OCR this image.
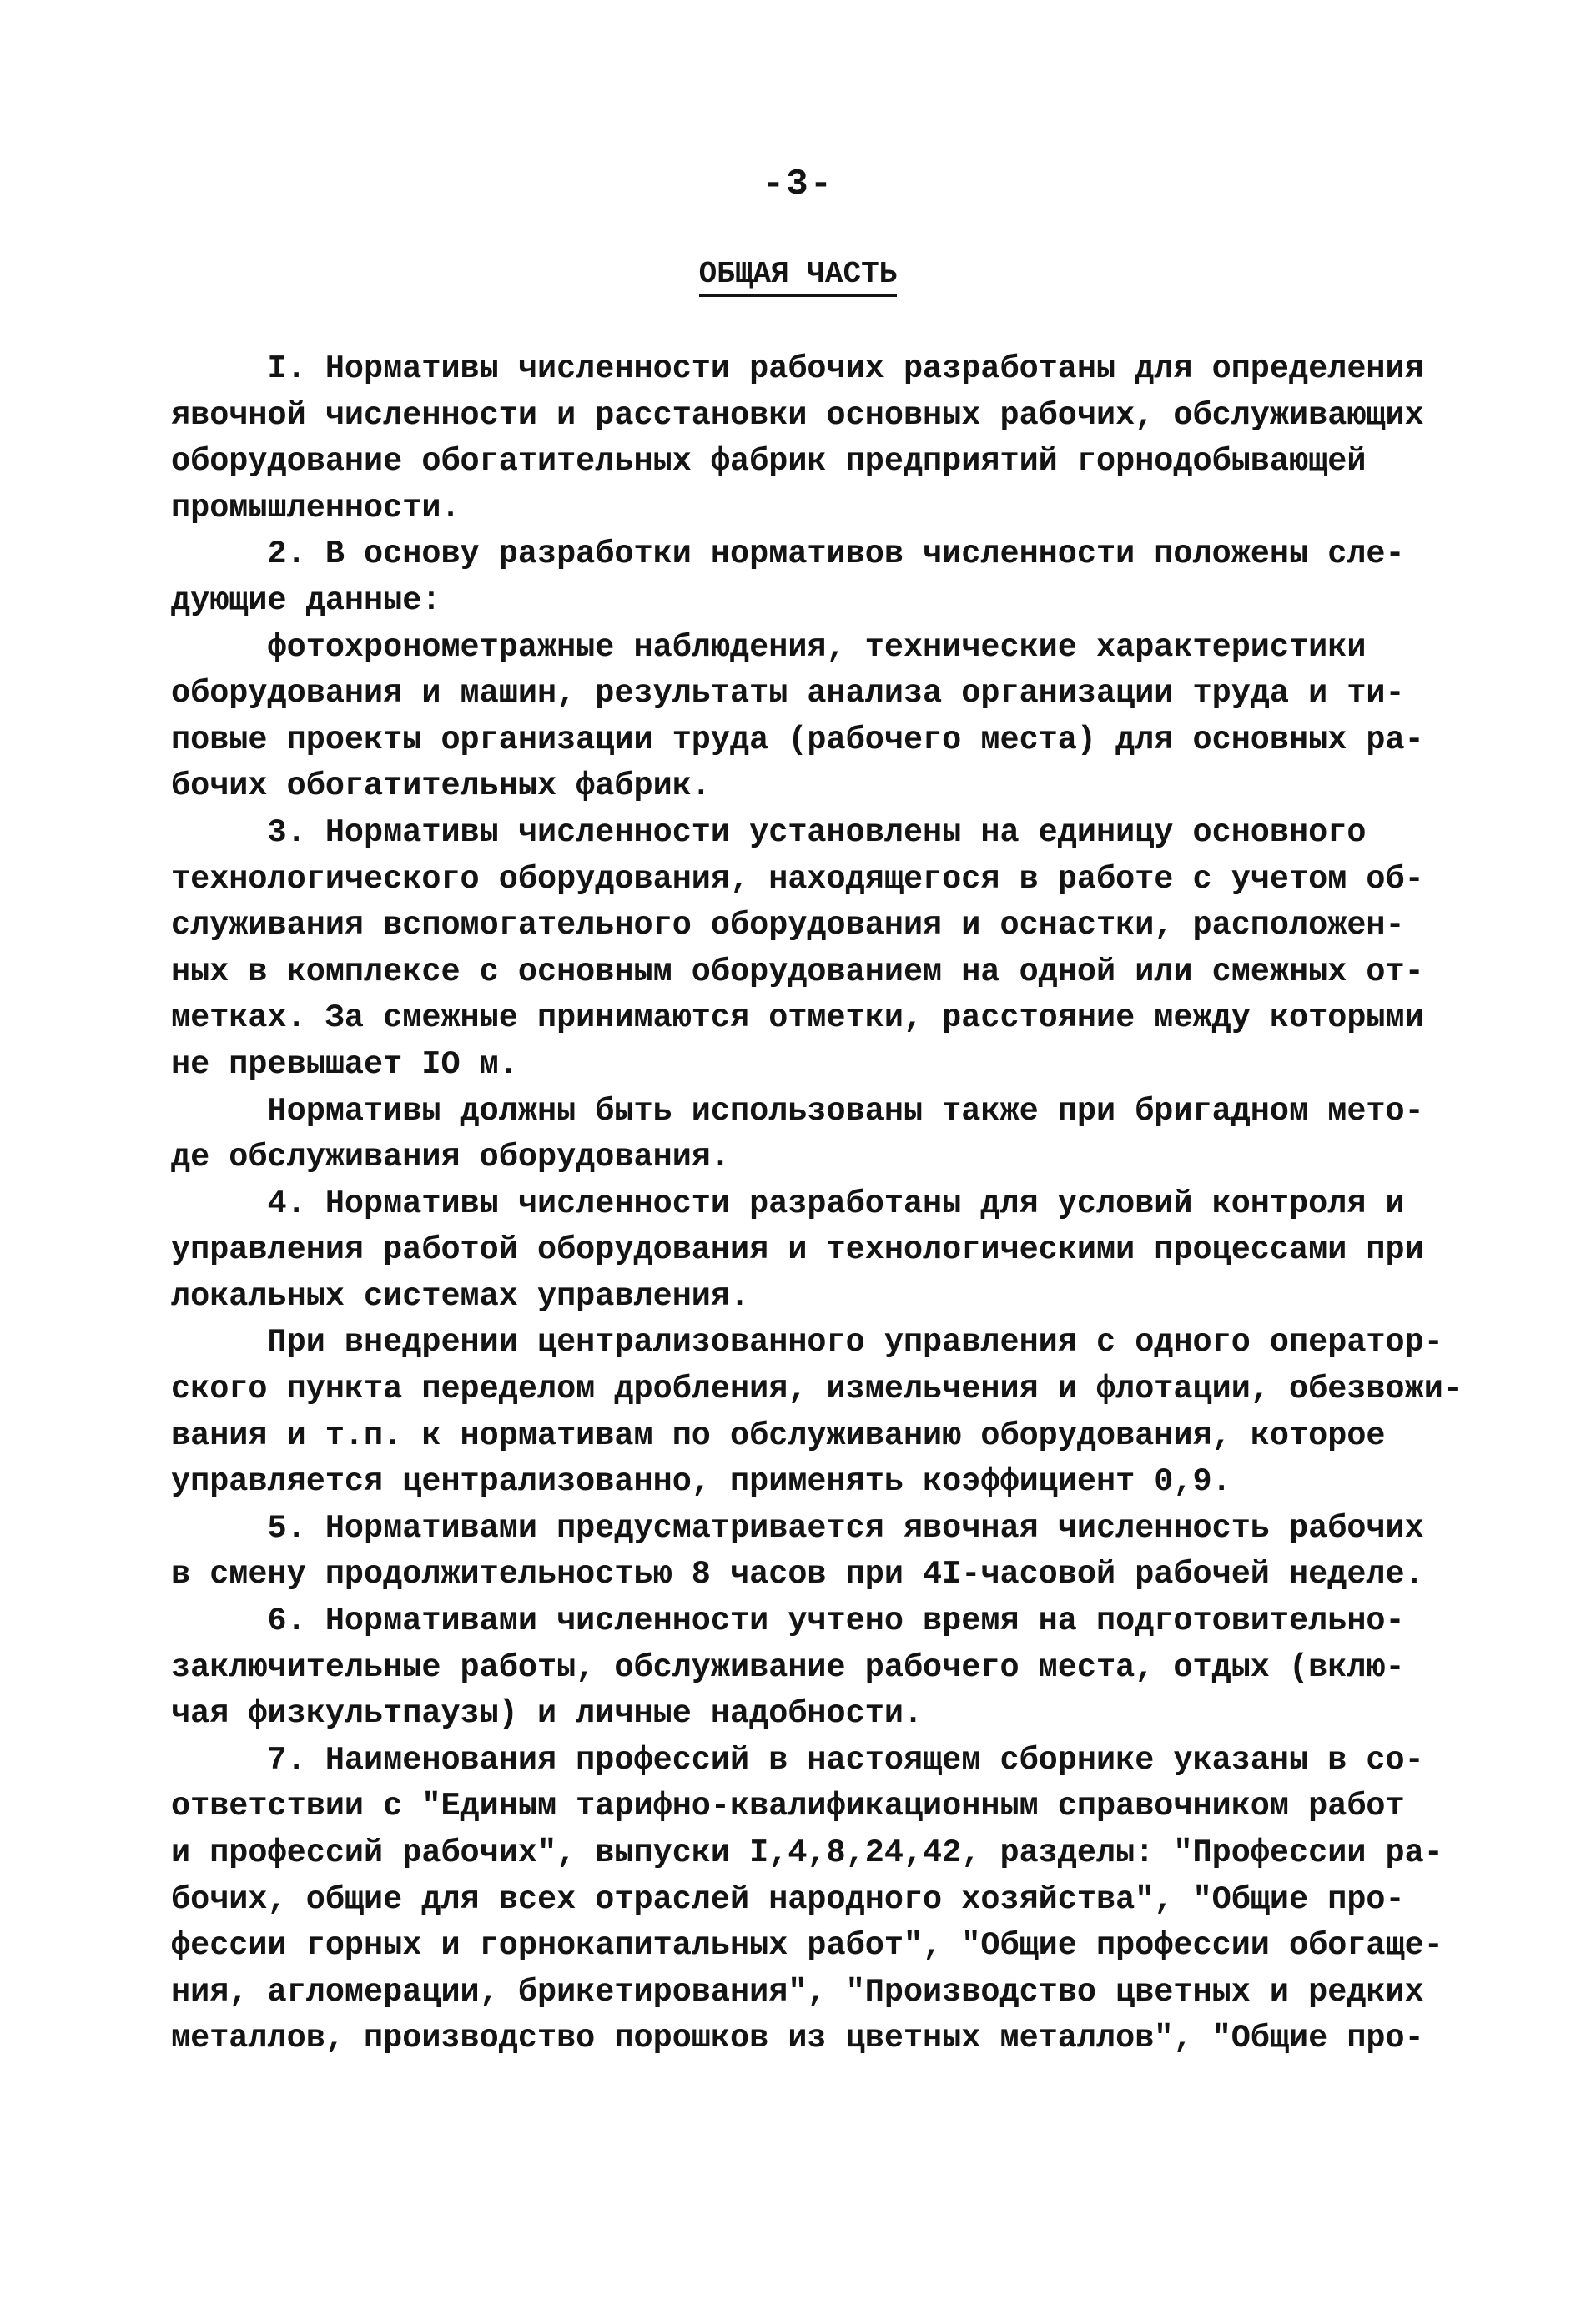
-3-
ОБЩАЯ ЧАСТЬ
I. Нормативы численности рабочих разработаны для определения
явочной численности и расстановки основных рабочих, обслуживающих
оборудование обогатительных фабрик предприятий горнодобывающей
промышленности.
2. В основу разработки нормативов численности положены сле-
дующие данные:
фотохронометражные наблюдения, технические характеристики
оборудования и машин, результаты анализа организации труда и ти-
повые проекты организации труда (рабочего места) для основных ра-
бочих обогатительных фабрик.
3. Нормативы численности установлены на единицу основного
технологического оборудования, находящегося в работе с учетом об-
служивания вспомогательного оборудования и оснастки, расположен-
ных в комплексе с основным оборудованием на одной или смежных от-
метках. За смежные принимаются отметки, расстояние между которыми
не превышает IO м.
Нормативы должны быть использованы также при бригадном мето-
де обслуживания оборудования.
4. Нормативы численности разработаны для условий контроля и
управления работой оборудования и технологическими процессами при
локальных системах управления.
При внедрении централизованного управления с одного оператор-
ского пункта переделом дробления, измельчения и флотации, обезвожи-
вания и т.п. к нормативам по обслуживанию оборудования, которое
управляется централизованно, применять коэффициент 0,9.
5. Нормативами предусматривается явочная численность рабочих
в смену продолжительностью 8 часов при 4I-часовой рабочей неделе.
6. Нормативами численности учтено время на подготовительно-
заключительные работы, обслуживание рабочего места, отдых (вклю-
чая физкультпаузы) и личные надобности.
7. Наименования профессий в настоящем сборнике указаны в со-
ответствии с "Единым тарифно-квалификационным справочником работ
и профессий рабочих", выпуски I,4,8,24,42, разделы: "Профессии ра-
бочих, общие для всех отраслей народного хозяйства", "Общие про-
фессии горных и горнокапитальных работ", "Общие профессии обогаще-
ния, агломерации, брикетирования", "Производство цветных и редких
металлов, производство порошков из цветных металлов", "Общие про-
